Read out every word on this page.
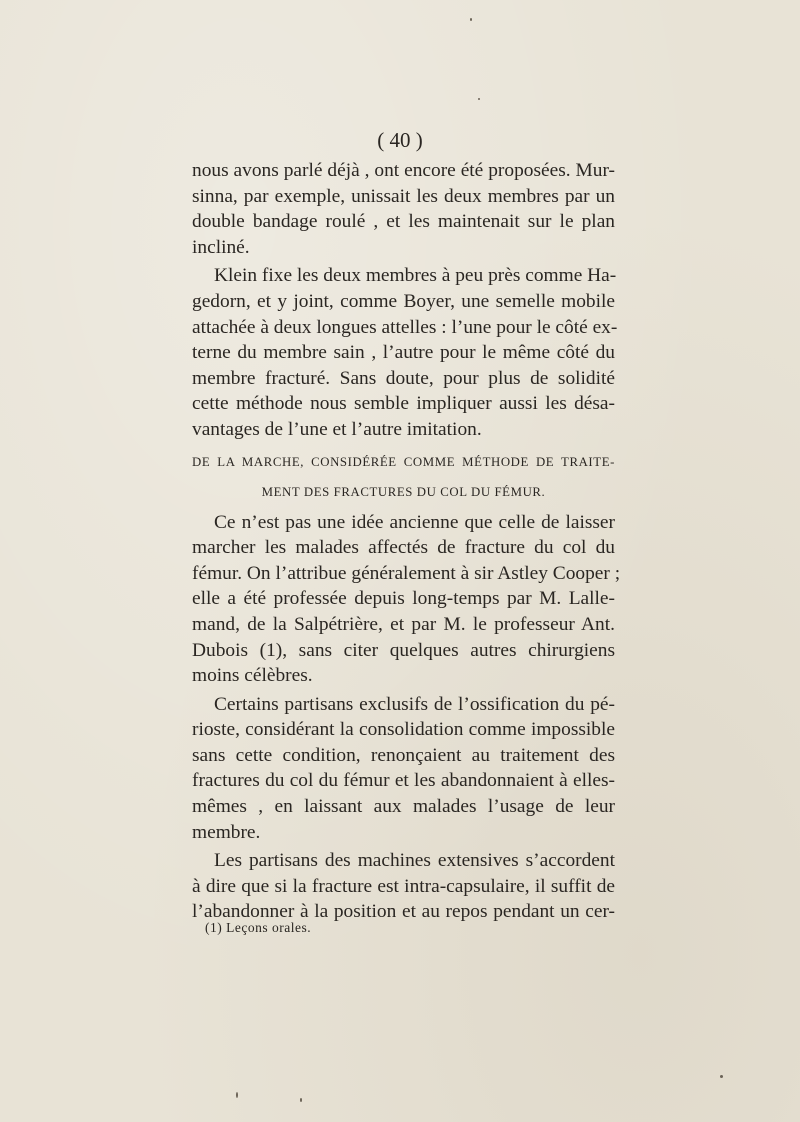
( 40 )
nous avons parlé déjà , ont encore été proposées. Mur-
sinna, par exemple, unissait les deux membres par un
double bandage roulé , et les maintenait sur le plan
incliné.
Klein fixe les deux membres à peu près comme Ha-
gedorn, et y joint, comme Boyer, une semelle mobile
attachée à deux longues attelles : l’une pour le côté ex-
terne du membre sain , l’autre pour le même côté du
membre fracturé. Sans doute, pour plus de solidité
cette méthode nous semble impliquer aussi les désa-
vantages de l’une et l’autre imitation.
DE LA MARCHE, CONSIDÉRÉE COMME MÉTHODE DE TRAITE-
MENT DES FRACTURES DU COL DU FÉMUR.
Ce n’est pas une idée ancienne que celle de laisser
marcher les malades affectés de fracture du col du
fémur. On l’attribue généralement à sir Astley Cooper ;
elle a été professée depuis long-temps par M. Lalle-
mand, de la Salpétrière, et par M. le professeur Ant.
Dubois (1), sans citer quelques autres chirurgiens
moins célèbres.
Certains partisans exclusifs de l’ossification du pé-
rioste, considérant la consolidation comme impossible
sans cette condition, renonçaient au traitement des
fractures du col du fémur et les abandonnaient à elles-
mêmes , en laissant aux malades l’usage de leur
membre.
Les partisans des machines extensives s’accordent
à dire que si la fracture est intra-capsulaire, il suffit de
l’abandonner à la position et au repos pendant un cer-
(1) Leçons orales.
